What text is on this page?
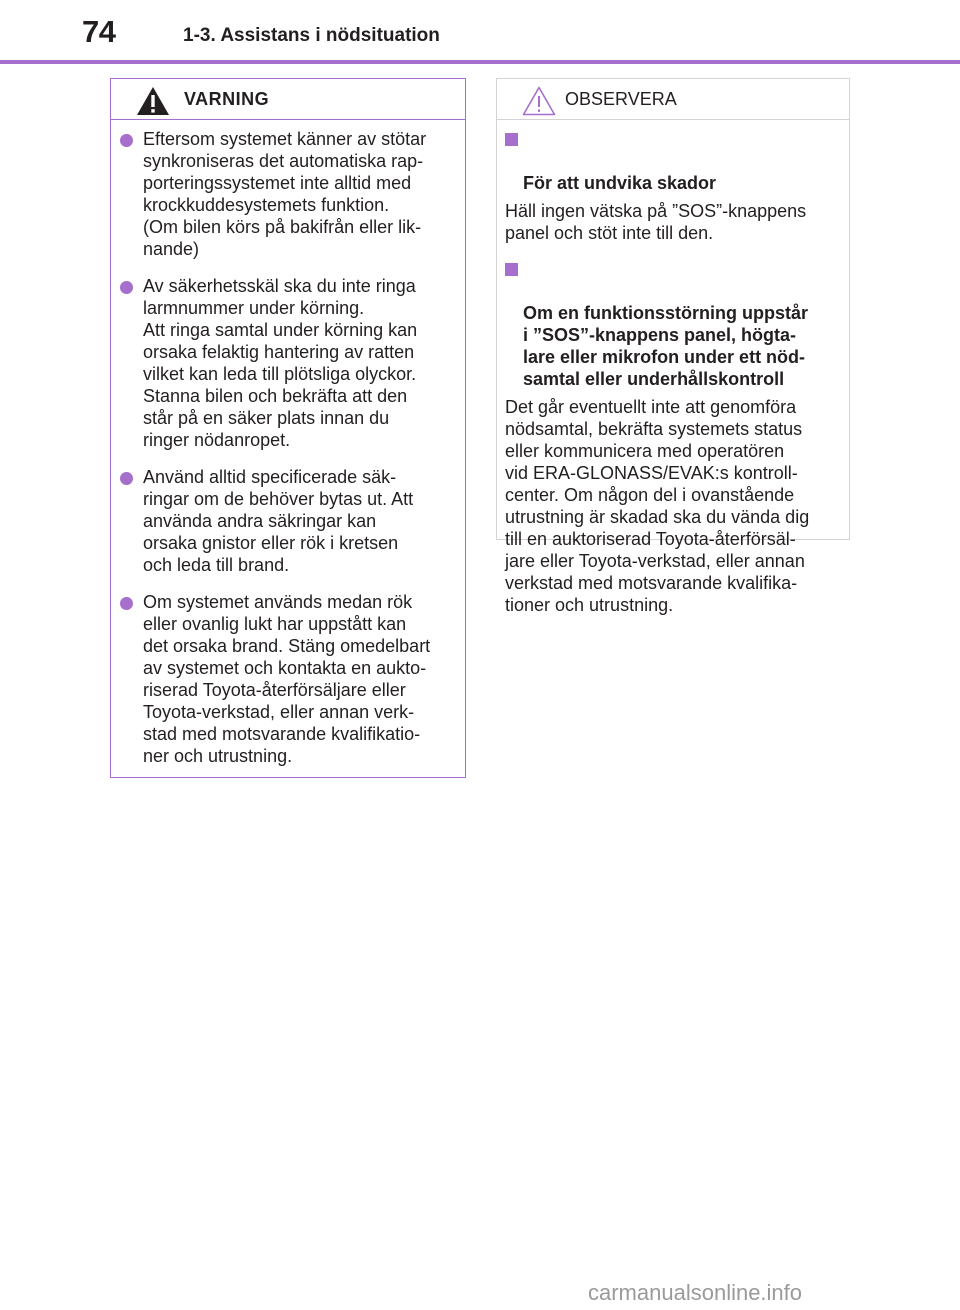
74	1-3. Assistans i nödsituation
VARNING
Eftersom systemet känner av stötar
synkroniseras det automatiska rap-
porteringssystemet inte alltid med
krockkuddesystemets funktion.
(Om bilen körs på bakifrån eller lik-
nande)
Av säkerhetsskäl ska du inte ringa
larmnummer under körning.
Att ringa samtal under körning kan
orsaka felaktig hantering av ratten
vilket kan leda till plötsliga olyckor.
Stanna bilen och bekräfta att den
står på en säker plats innan du
ringer nödanropet.
Använd alltid specificerade säk-
ringar om de behöver bytas ut. Att
använda andra säkringar kan
orsaka gnistor eller rök i kretsen
och leda till brand.
Om systemet används medan rök
eller ovanlig lukt har uppstått kan
det orsaka brand. Stäng omedelbart
av systemet och kontakta en aukto-
riserad Toyota-återförsäljare eller
Toyota-verkstad, eller annan verk-
stad med motsvarande kvalifikatio-
ner och utrustning.
OBSERVERA

För att undvika skador

Häll ingen vätska på ”SOS”-knappens
panel och stöt inte till den.

Om en funktionsstörning uppstår
i ”SOS”-knappens panel, högta-
lare eller mikrofon under ett nöd-
samtal eller underhållskontroll

Det går eventuellt inte att genomföra
nödsamtal, bekräfta systemets status
eller kommunicera med operatören
vid ERA-GLONASS/EVAK:s kontroll-
center. Om någon del i ovanstående
utrustning är skadad ska du vända dig
till en auktoriserad Toyota-återförsäl-
jare eller Toyota-verkstad, eller annan
verkstad med motsvarande kvalifika-
tioner och utrustning.
carmanualsonline.info
